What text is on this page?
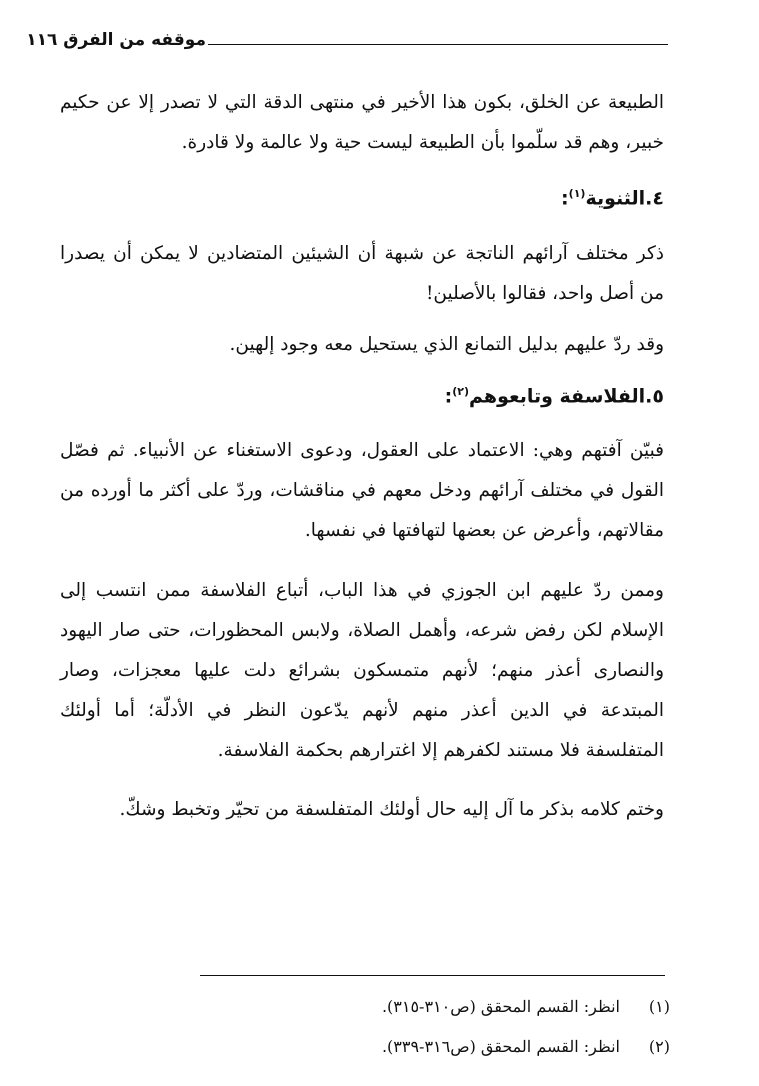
موقفه من الفرق ١١٦
الطبيعة عن الخلق، بكون هذا الأخير في منتهى الدقة التي لا تصدر إلا عن حكيم خبير، وهم قد سلّموا بأن الطبيعة ليست حية ولا عالمة ولا قادرة.
٤.الثنوية$^{(١)}$:
ذكر مختلف آرائهم الناتجة عن شبهة أن الشيئين المتضادين لا يمكن أن يصدرا من أصل واحد، فقالوا بالأصلين!
وقد ردّ عليهم بدليل التمانع الذي يستحيل معه وجود إلهين.
٥.الفلاسفة وتابعوهم$^{(٢)}$:
فبيّن آفتهم وهي: الاعتماد على العقول، ودعوى الاستغناء عن الأنبياء. ثم فصّل القول في مختلف آرائهم ودخل معهم في مناقشات، وردّ على أكثر ما أورده من مقالاتهم، وأعرض عن بعضها لتهافتها في نفسها.
وممن ردّ عليهم ابن الجوزي في هذا الباب، أتباع الفلاسفة ممن انتسب إلى الإسلام لكن رفض شرعه، وأهمل الصلاة، ولابس المحظورات، حتى صار اليهود والنصارى أعذر منهم؛ لأنهم متمسكون بشرائع دلت عليها معجزات، وصار المبتدعة في الدين أعذر منهم لأنهم يدّعون النظر في الأدلّة؛ أما أولئك المتفلسفة فلا مستند لكفرهم إلا اغترارهم بحكمة الفلاسفة.
وختم كلامه بذكر ما آل إليه حال أولئك المتفلسفة من تحيّر وتخبط وشكّ.
(١)انظر: القسم المحقق (ص٣١٠-٣١٥).
(٢)انظر: القسم المحقق (ص٣١٦-٣٣٩).
